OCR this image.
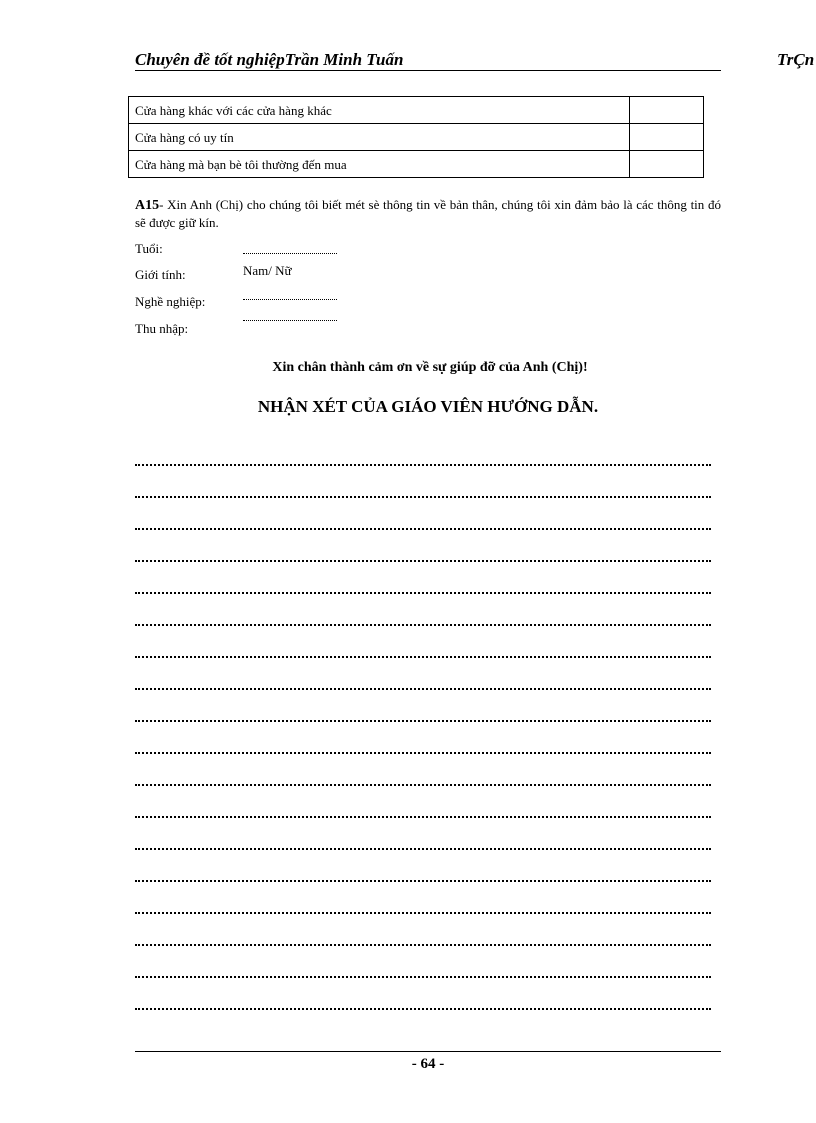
Chuyên đề tốt nghiệpTrần Minh Tuấn	TrÇn
Cửa hàng khác với các cửa hàng khác	
Cửa hàng có uy tín	
Cửa hàng mà bạn bè tôi thường đến mua	
A15- Xin Anh (Chị) cho chúng tôi biết mét sè thông tin về bản thân, chúng tôi xin đảm bảo là các thông tin đó sẽ được giữ kín.
Tuổi:
Giới tính:	Nam/ Nữ
Nghề nghiệp:
Thu nhập:
Xin chân thành cảm ơn về sự giúp đỡ của Anh (Chị)!
NHẬN XÉT CỦA GIÁO VIÊN HƯỚNG DẪN.
- 64 -
